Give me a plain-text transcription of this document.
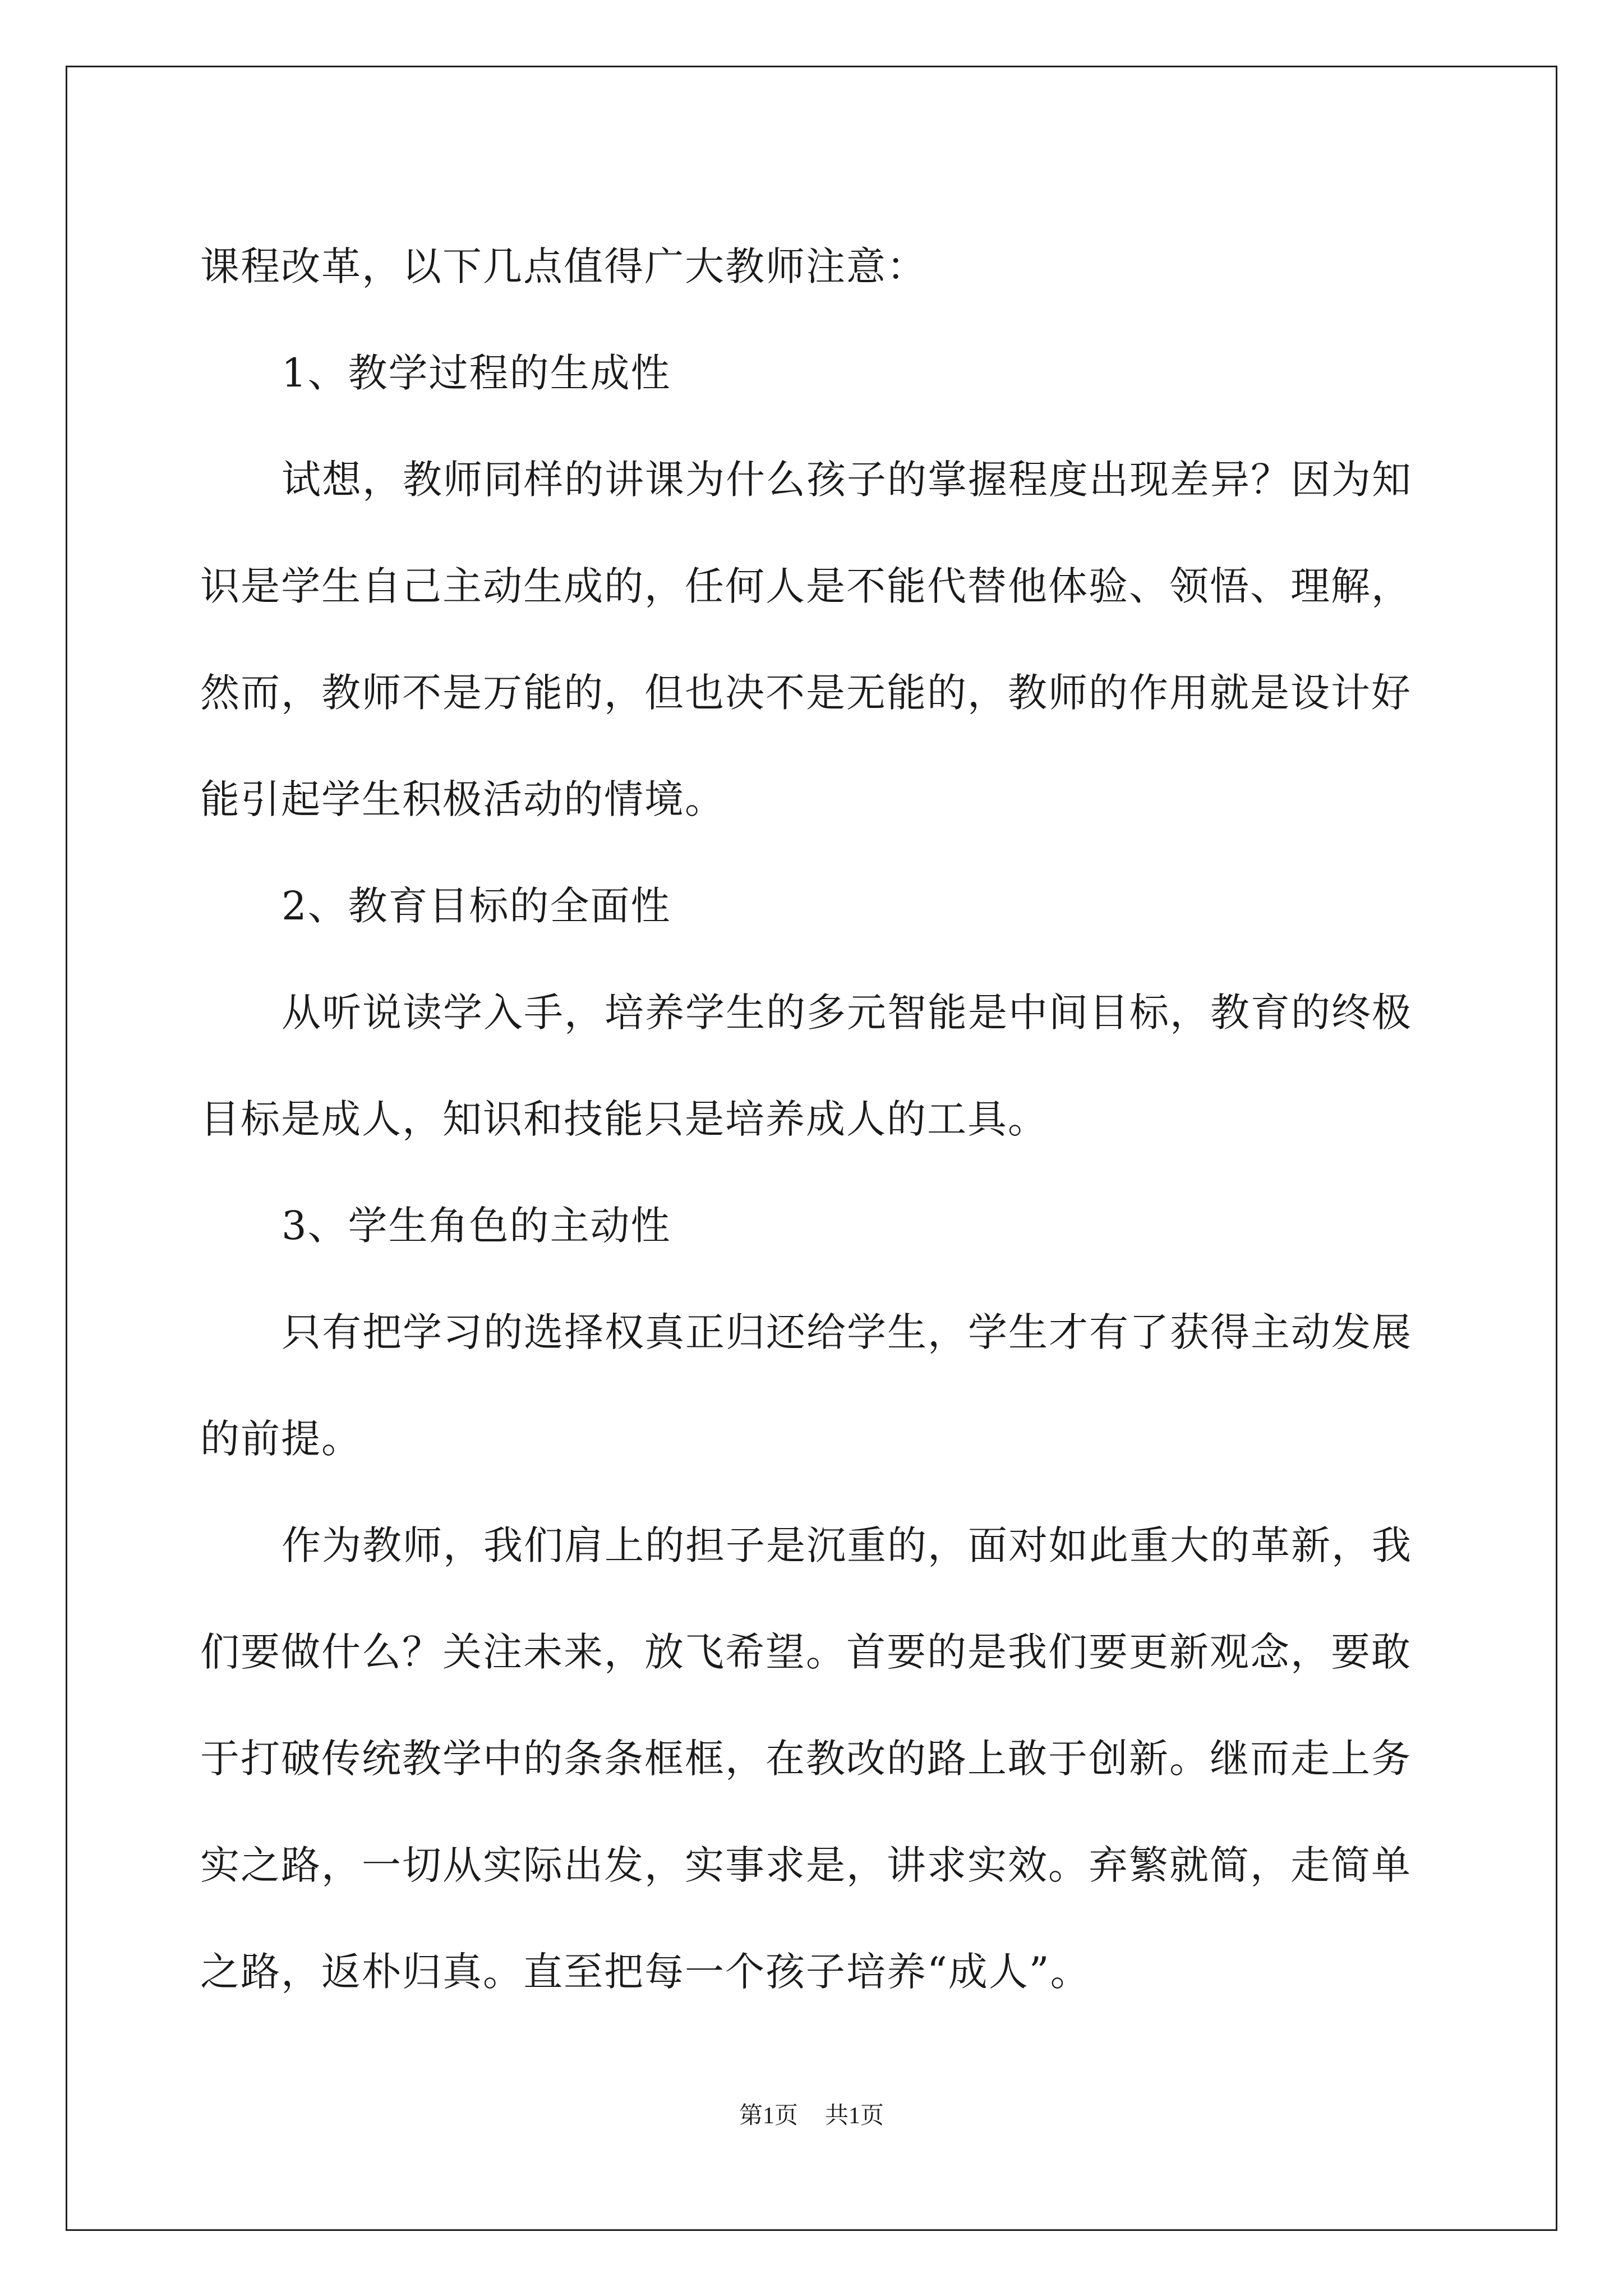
课程改革，以下几点值得广大教师注意：
1、教学过程的生成性
试想，教师同样的讲课为什么孩子的掌握程度出现差异？因为知
识是学生自己主动生成的，任何人是不能代替他体验、领悟、理解，
然而，教师不是万能的，但也决不是无能的，教师的作用就是设计好
能引起学生积极活动的情境。
2、教育目标的全面性
从听说读学入手，培养学生的多元智能是中间目标，教育的终极
目标是成人，知识和技能只是培养成人的工具。
3、学生角色的主动性
只有把学习的选择权真正归还给学生，学生才有了获得主动发展
的前提。
作为教师，我们肩上的担子是沉重的，面对如此重大的革新，我
们要做什么？关注未来，放飞希望。首要的是我们要更新观念，要敢
于打破传统教学中的条条框框，在教改的路上敢于创新。继而走上务
实之路，一切从实际出发，实事求是，讲求实效。弃繁就简，走简单
之路，返朴归真。直至把每一个孩子培养“成人”。
第1页 共1页
